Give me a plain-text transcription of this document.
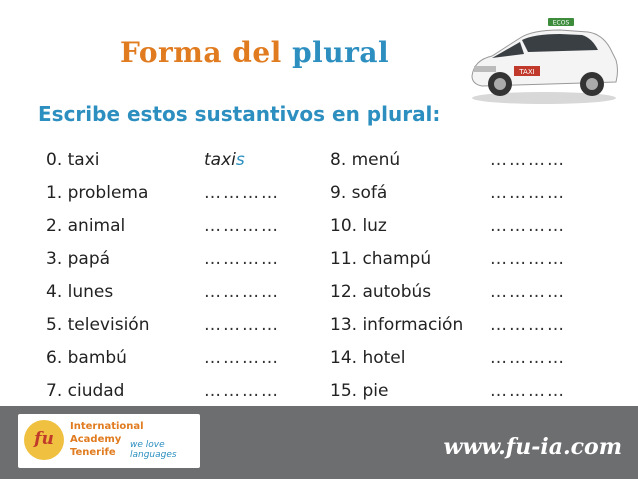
Forma del plural
ECOS
TAXI
Escribe estos sustantivos en plural:
0. taxi	taxis	8. menú	…………
1. problema	…………	9. sofá	…………
2. animal	…………	10. luz	…………
3. papá	…………	11. champú	…………
4. lunes	…………	12. autobús	…………
5. televisión	…………	13. información	…………
6. bambú	…………	14. hotel	…………
7. ciudad	…………	15. pie	…………
fu
International
Academy
Tenerife
we love
languages	www.fu-ia.com
